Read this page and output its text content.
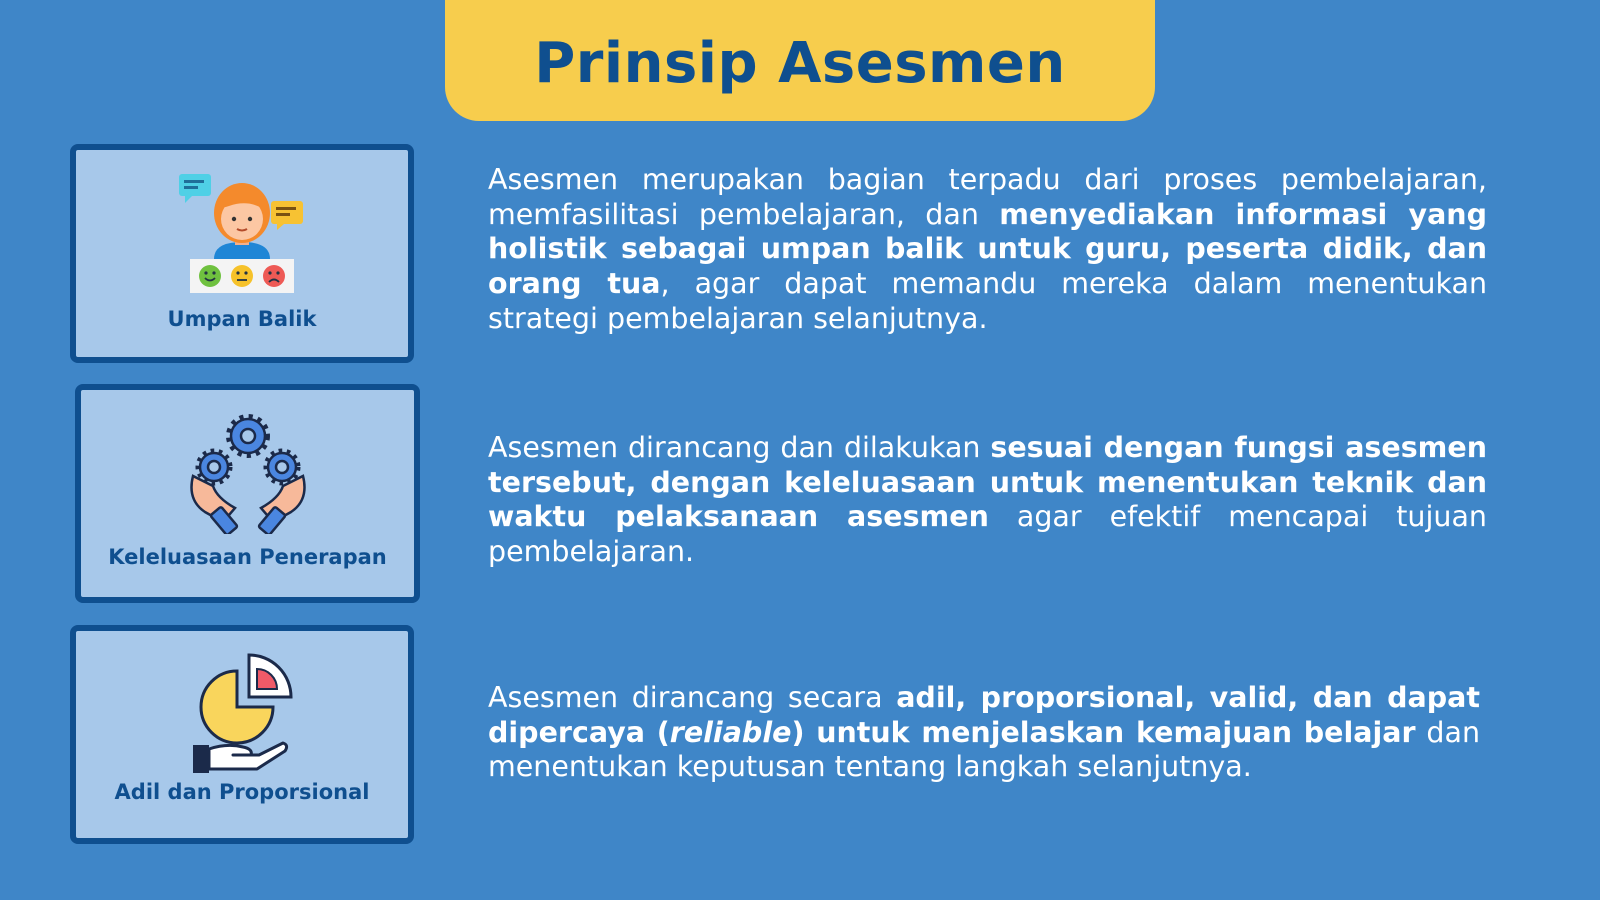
Prinsip Asesmen
Umpan Balik
Keleluasaan Penerapan
Adil dan Proporsional

Asesmen merupakan bagian terpadu dari proses pembelajaran, memfasilitasi pembelajaran, dan menyediakan informasi yang holistik sebagai umpan balik untuk guru, peserta didik, dan orang tua, agar dapat memandu mereka dalam menentukan strategi pembelajaran selanjutnya.

Asesmen dirancang dan dilakukan sesuai dengan fungsi asesmen tersebut, dengan keleluasaan untuk menentukan teknik dan waktu pelaksanaan asesmen agar efektif mencapai tujuan pembelajaran.

Asesmen dirancang secara adil, proporsional, valid, dan dapat dipercaya (reliable) untuk menjelaskan kemajuan belajar dan menentukan keputusan tentang langkah selanjutnya.
